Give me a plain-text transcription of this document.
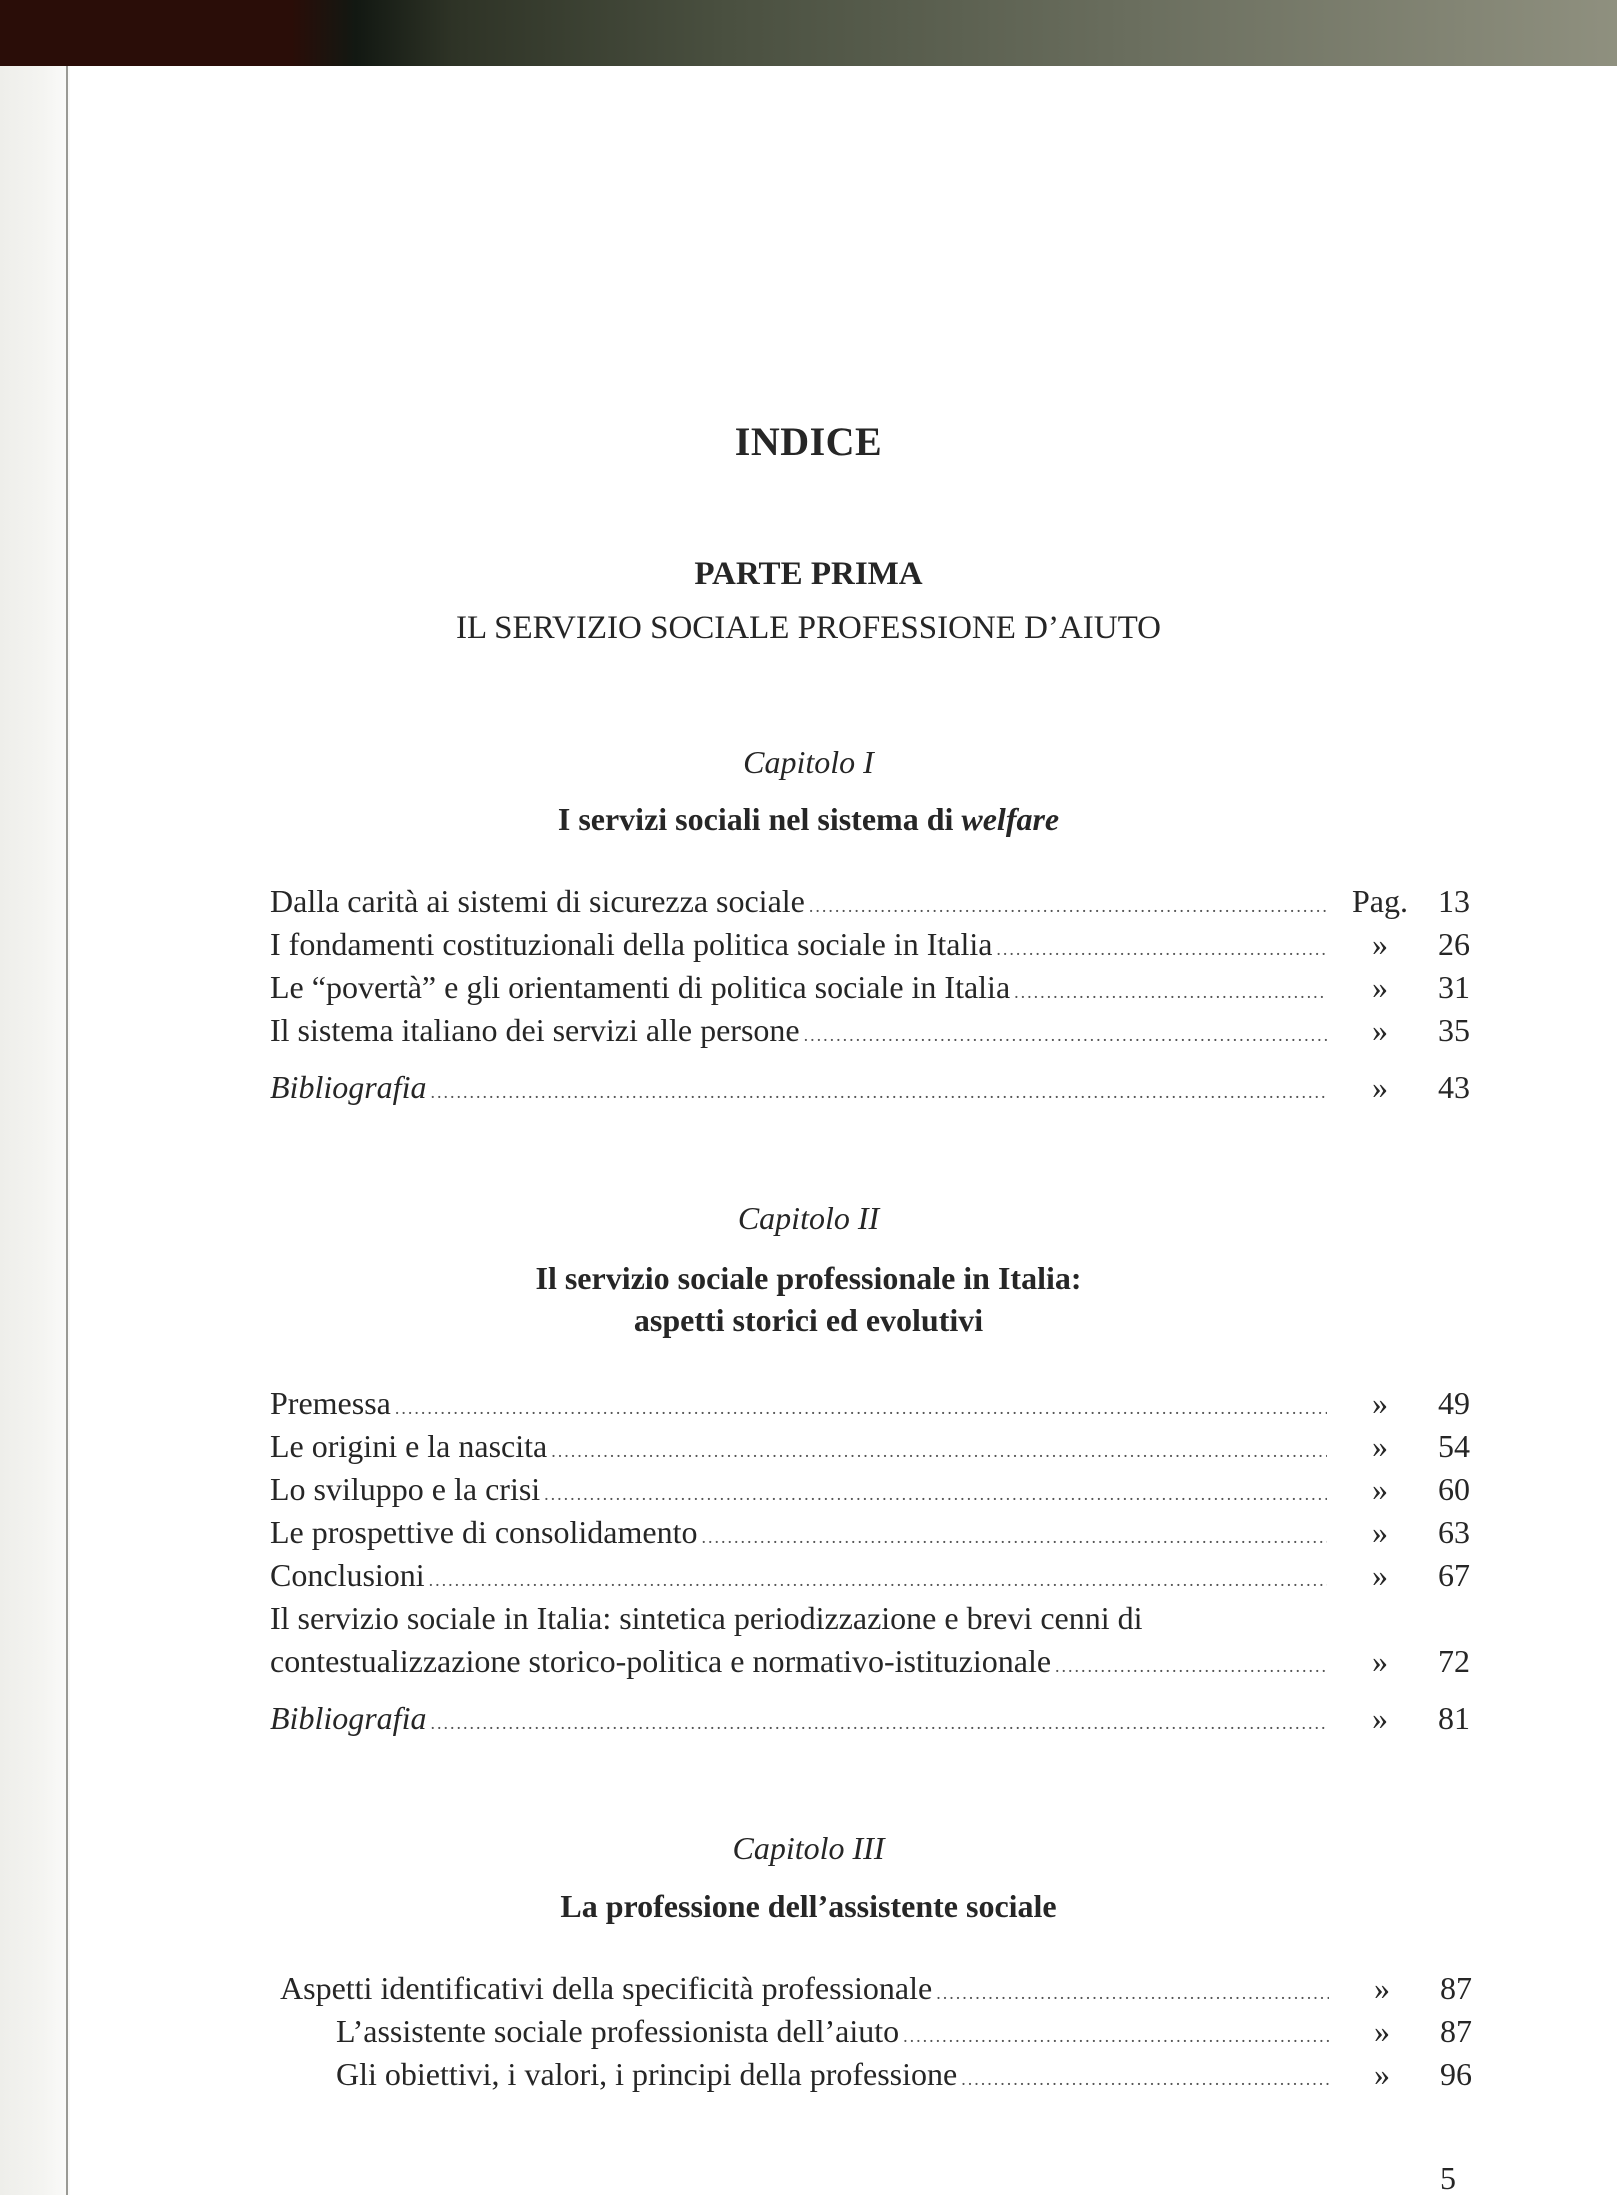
INDICE
PARTE PRIMA
IL SERVIZIO SOCIALE PROFESSIONE D’AIUTO
Capitolo I
I servizi sociali nel sistema di welfare
Dalla carità ai sistemi di sicurezza sociale .....	Pag. 13
I fondamenti costituzionali della politica sociale in Italia .....	»	26
Le “povertà” e gli orientamenti di politica sociale in Italia .....	»	31
Il sistema italiano dei servizi alle persone .....	»	35
Bibliografia .....	»	43
Capitolo II
Il servizio sociale professionale in Italia:
aspetti storici ed evolutivi
Premessa .....	»	49
Le origini e la nascita .....	»	54
Lo sviluppo e la crisi .....	»	60
Le prospettive di consolidamento .....	»	63
Conclusioni .....	»	67
Il servizio sociale in Italia: sintetica periodizzazione e brevi cenni di
contestualizzazione storico-politica e normativo-istituzionale .....	»	72
Bibliografia .....	»	81
Capitolo III
La professione dell’assistente sociale
Aspetti identificativi della specificità professionale .....	»	87
L’assistente sociale professionista dell’aiuto .....	»	87
Gli obiettivi, i valori, i principi della professione .....	»	96
5
